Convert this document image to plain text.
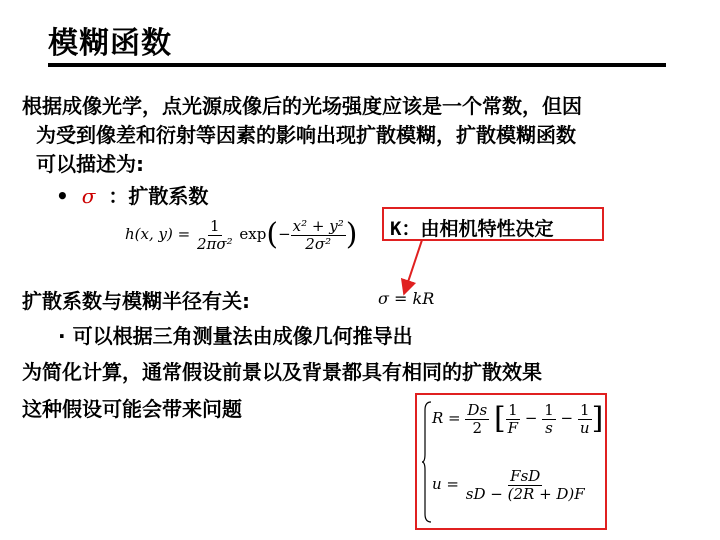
模糊函数
根据成像光学，点光源成像后的光场强度应该是一个常数，但因
为受到像差和衍射等因素的影响出现扩散模糊，扩散模糊函数
可以描述为:
• σ ：扩散系数
h(x, $y) = \frac{1}{\text{2πσ²}} \exp(- \frac{\text{x² + y²}}{\text{2σ²}}$ ) K：由相机特性决定
扩散系数与模糊半径有关:	σ = kR
· 可以根据三角测量法由成像几何推导出
为简化计算，通常假设前景以及背景都具有相同的扩散效果
这种假设可能会带来问题	$R = \frac{Ds}{2}$ [ $\frac{1}{F} - \frac{1}{s} - \frac{1}{u}$ ]
$u = \frac{\text{FsD}}{sD - (2R + D)F}$
